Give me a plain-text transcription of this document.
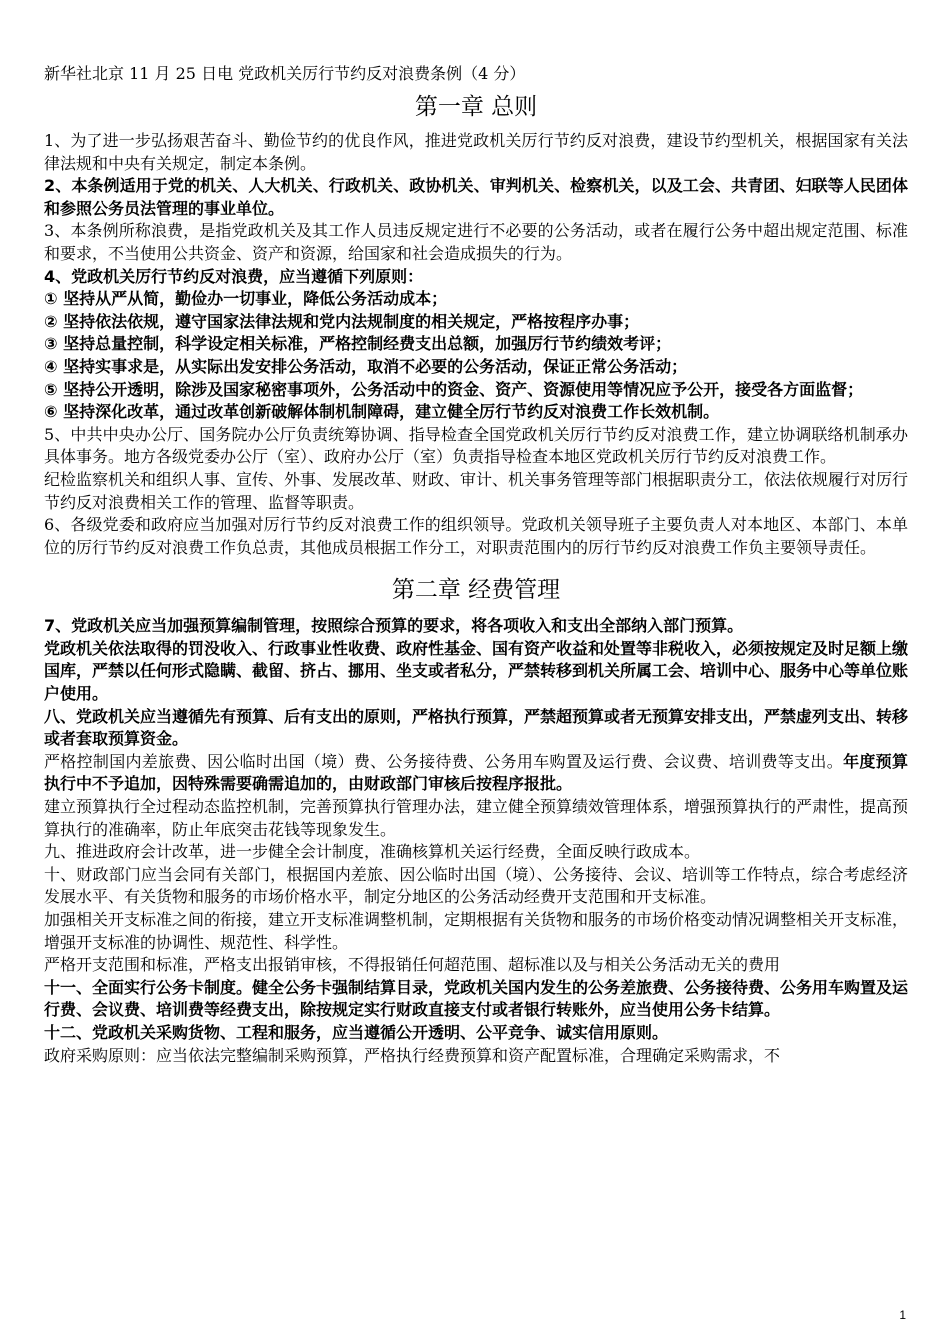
新华社北京 11 月 25 日电 党政机关厉行节约反对浪费条例（4 分）

第一章 总则

1、为了进一步弘扬艰苦奋斗、勤俭节约的优良作风，推进党政机关厉行节约反对浪费，建设节约型机关，根据国家有关法律法规和中央有关规定，制定本条例。

2、本条例适用于党的机关、人大机关、行政机关、政协机关、审判机关、检察机关，以及工会、共青团、妇联等人民团体和参照公务员法管理的事业单位。

3、本条例所称浪费，是指党政机关及其工作人员违反规定进行不必要的公务活动，或者在履行公务中超出规定范围、标准和要求，不当使用公共资金、资产和资源，给国家和社会造成损失的行为。

4、党政机关厉行节约反对浪费，应当遵循下列原则：

① 坚持从严从简，勤俭办一切事业，降低公务活动成本；

② 坚持依法依规，遵守国家法律法规和党内法规制度的相关规定，严格按程序办事；

③ 坚持总量控制，科学设定相关标准，严格控制经费支出总额，加强厉行节约绩效考评；

④ 坚持实事求是，从实际出发安排公务活动，取消不必要的公务活动，保证正常公务活动；

⑤ 坚持公开透明，除涉及国家秘密事项外，公务活动中的资金、资产、资源使用等情况应予公开，接受各方面监督；

⑥ 坚持深化改革，通过改革创新破解体制机制障碍，建立健全厉行节约反对浪费工作长效机制。

5、中共中央办公厅、国务院办公厅负责统筹协调、指导检查全国党政机关厉行节约反对浪费工作，建立协调联络机制承办具体事务。地方各级党委办公厅（室）、政府办公厅（室）负责指导检查本地区党政机关厉行节约反对浪费工作。

纪检监察机关和组织人事、宣传、外事、发展改革、财政、审计、机关事务管理等部门根据职责分工，依法依规履行对厉行节约反对浪费相关工作的管理、监督等职责。

6、各级党委和政府应当加强对厉行节约反对浪费工作的组织领导。党政机关领导班子主要负责人对本地区、本部门、本单位的厉行节约反对浪费工作负总责，其他成员根据工作分工，对职责范围内的厉行节约反对浪费工作负主要领导责任。

第二章 经费管理

7、党政机关应当加强预算编制管理，按照综合预算的要求，将各项收入和支出全部纳入部门预算。

党政机关依法取得的罚没收入、行政事业性收费、政府性基金、国有资产收益和处置等非税收入，必须按规定及时足额上缴国库，严禁以任何形式隐瞒、截留、挤占、挪用、坐支或者私分，严禁转移到机关所属工会、培训中心、服务中心等单位账户使用。

八、党政机关应当遵循先有预算、后有支出的原则，严格执行预算，严禁超预算或者无预算安排支出，严禁虚列支出、转移或者套取预算资金。

严格控制国内差旅费、因公临时出国（境）费、公务接待费、公务用车购置及运行费、会议费、培训费等支出。年度预算执行中不予追加，因特殊需要确需追加的，由财政部门审核后按程序报批。

建立预算执行全过程动态监控机制，完善预算执行管理办法，建立健全预算绩效管理体系，增强预算执行的严肃性，提高预算执行的准确率，防止年底突击花钱等现象发生。

九、推进政府会计改革，进一步健全会计制度，准确核算机关运行经费，全面反映行政成本。

十、财政部门应当会同有关部门，根据国内差旅、因公临时出国（境）、公务接待、会议、培训等工作特点，综合考虑经济发展水平、有关货物和服务的市场价格水平，制定分地区的公务活动经费开支范围和开支标准。

加强相关开支标准之间的衔接，建立开支标准调整机制，定期根据有关货物和服务的市场价格变动情况调整相关开支标准，增强开支标准的协调性、规范性、科学性。

严格开支范围和标准，严格支出报销审核，不得报销任何超范围、超标准以及与相关公务活动无关的费用

十一、全面实行公务卡制度。健全公务卡强制结算目录，党政机关国内发生的公务差旅费、公务接待费、公务用车购置及运行费、会议费、培训费等经费支出，除按规定实行财政直接支付或者银行转账外，应当使用公务卡结算。

十二、党政机关采购货物、工程和服务，应当遵循公开透明、公平竞争、诚实信用原则。

政府采购原则：应当依法完整编制采购预算，严格执行经费预算和资产配置标准，合理确定采购需求，不

1
